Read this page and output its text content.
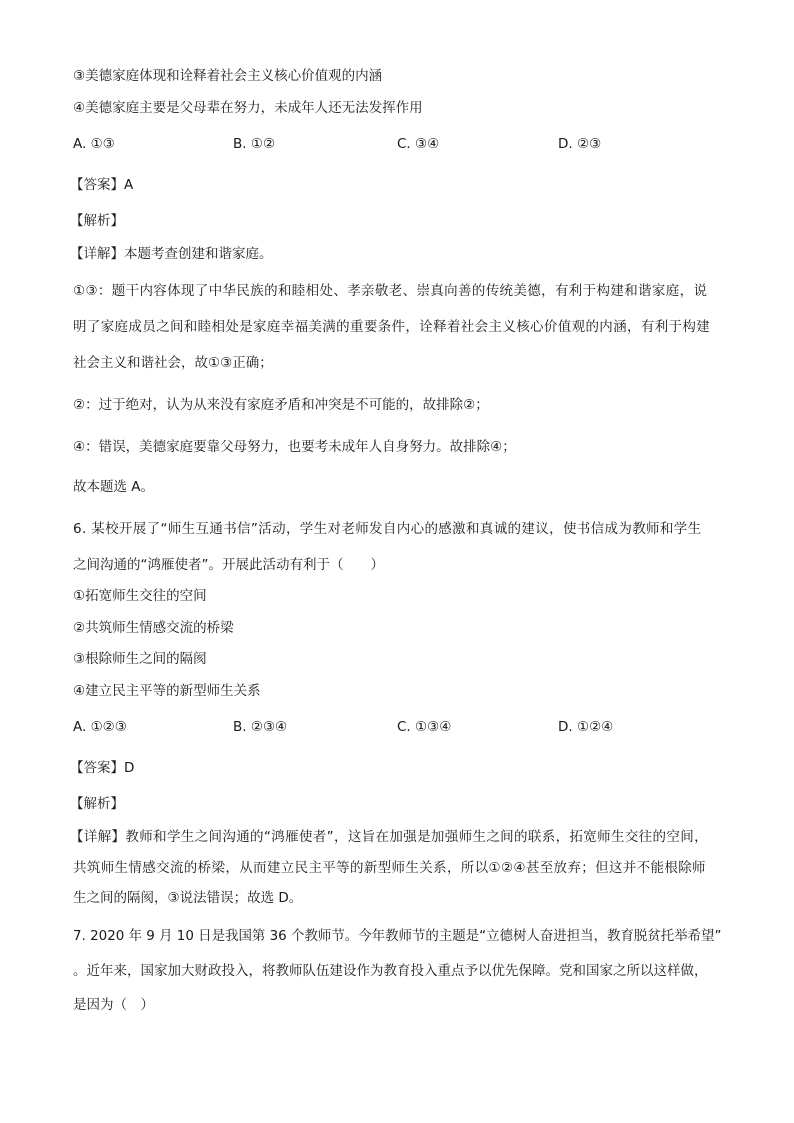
③美德家庭体现和诠释着社会主义核心价值观的内涵
④美德家庭主要是父母辈在努力，未成年人还无法发挥作用
A. ①③	B. ①②	C. ③④	D. ②③
【答案】A
【解析】
【详解】本题考查创建和谐家庭。
①③：题干内容体现了中华民族的和睦相处、孝亲敬老、崇真向善的传统美德，有利于构建和谐家庭，说
明了家庭成员之间和睦相处是家庭幸福美满的重要条件，诠释着社会主义核心价值观的内涵，有利于构建
社会主义和谐社会，故①③正确；
②：过于绝对，认为从来没有家庭矛盾和冲突是不可能的，故排除②；
④：错误，美德家庭要靠父母努力，也要考未成年人自身努力。故排除④；
故本题选 A。
6. 某校开展了“师生互通书信”活动，学生对老师发自内心的感激和真诚的建议，使书信成为教师和学生
之间沟通的“鸿雁使者”。开展此活动有利于（　　）
①拓宽师生交往的空间
②共筑师生情感交流的桥梁
③根除师生之间的隔阂
④建立民主平等的新型师生关系
A. ①②③	B. ②③④	C. ①③④	D. ①②④
【答案】D
【解析】
【详解】教师和学生之间沟通的“鸿雁使者”，这旨在加强是加强师生之间的联系，拓宽师生交往的空间，
共筑师生情感交流的桥梁，从而建立民主平等的新型师生关系，所以①②④甚至放弃；但这并不能根除师
生之间的隔阂，③说法错误；故选 D。
7. 2020 年 9 月 10 日是我国第 36 个教师节。今年教师节的主题是“立德树人奋进担当，教育脱贫托举希望”
。近年来，国家加大财政投入，将教师队伍建设作为教育投入重点予以优先保障。党和国家之所以这样做，
是因为（　）
